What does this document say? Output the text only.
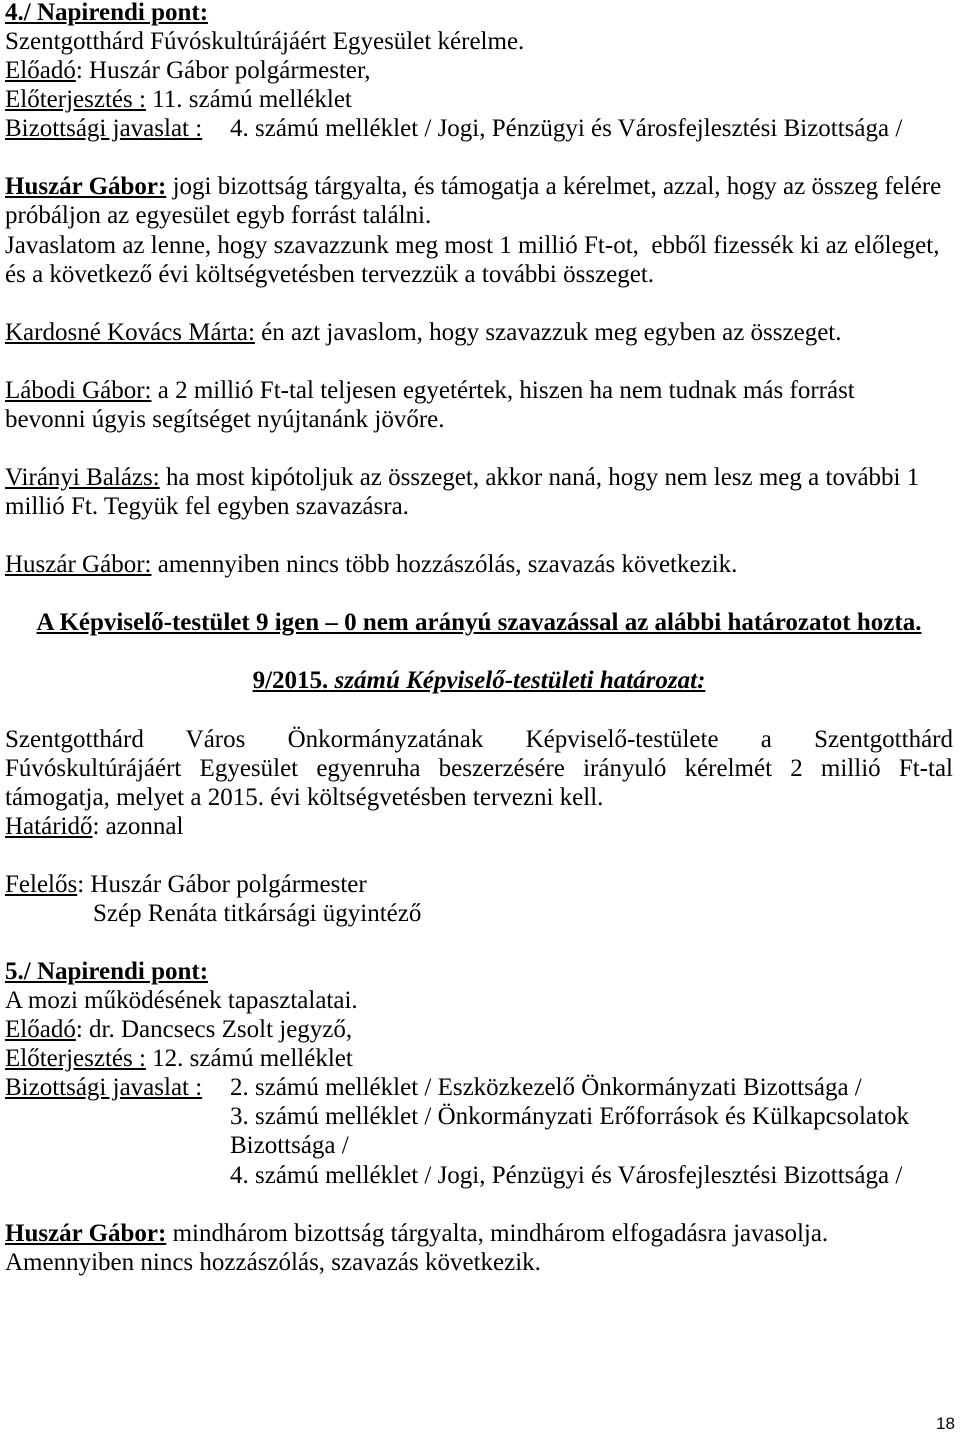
4./ Napirendi pont:
Szentgotthárd Fúvóskultúrájáért Egyesület kérelme.
Előadó: Huszár Gábor polgármester,
Előterjesztés : 11. számú melléklet
Bizottsági javaslat : 4. számú melléklet / Jogi, Pénzügyi és Városfejlesztési Bizottsága /
Huszár Gábor: jogi bizottság tárgyalta, és támogatja a kérelmet, azzal, hogy az összeg felére
próbáljon az egyesület egyb forrást találni.
Javaslatom az lenne, hogy szavazzunk meg most 1 millió Ft-ot,  ebből fizessék ki az előleget,
és a következő évi költségvetésben tervezzük a további összeget.
Kardosné Kovács Márta: én azt javaslom, hogy szavazzuk meg egyben az összeget.
Lábodi Gábor: a 2 millió Ft-tal teljesen egyetértek, hiszen ha nem tudnak más forrást
bevonni úgyis segítséget nyújtanánk jövőre.
Virányi Balázs: ha most kipótoljuk az összeget, akkor naná, hogy nem lesz meg a további 1
millió Ft. Tegyük fel egyben szavazásra.
Huszár Gábor: amennyiben nincs több hozzászólás, szavazás következik.
A Képviselő-testület 9 igen – 0 nem arányú szavazással az alábbi határozatot hozta.
9/2015. számú Képviselő-testületi határozat:
Szentgotthárd Város Önkormányzatának Képviselő-testülete a Szentgotthárd
Fúvóskultúrájáért Egyesület egyenruha beszerzésére irányuló kérelmét 2 millió Ft-tal
támogatja, melyet a 2015. évi költségvetésben tervezni kell.
Határidő: azonnal
Felelős: Huszár Gábor polgármester
Szép Renáta titkársági ügyintéző
5./ Napirendi pont:
A mozi működésének tapasztalatai.
Előadó: dr. Dancsecs Zsolt jegyző,
Előterjesztés : 12. számú melléklet
Bizottsági javaslat : 2. számú melléklet / Eszközkezelő Önkormányzati Bizottsága /
3. számú melléklet / Önkormányzati Erőforrások és Külkapcsolatok
Bizottsága /
4. számú melléklet / Jogi, Pénzügyi és Városfejlesztési Bizottsága /
Huszár Gábor: mindhárom bizottság tárgyalta, mindhárom elfogadásra javasolja.
Amennyiben nincs hozzászólás, szavazás következik.
18
